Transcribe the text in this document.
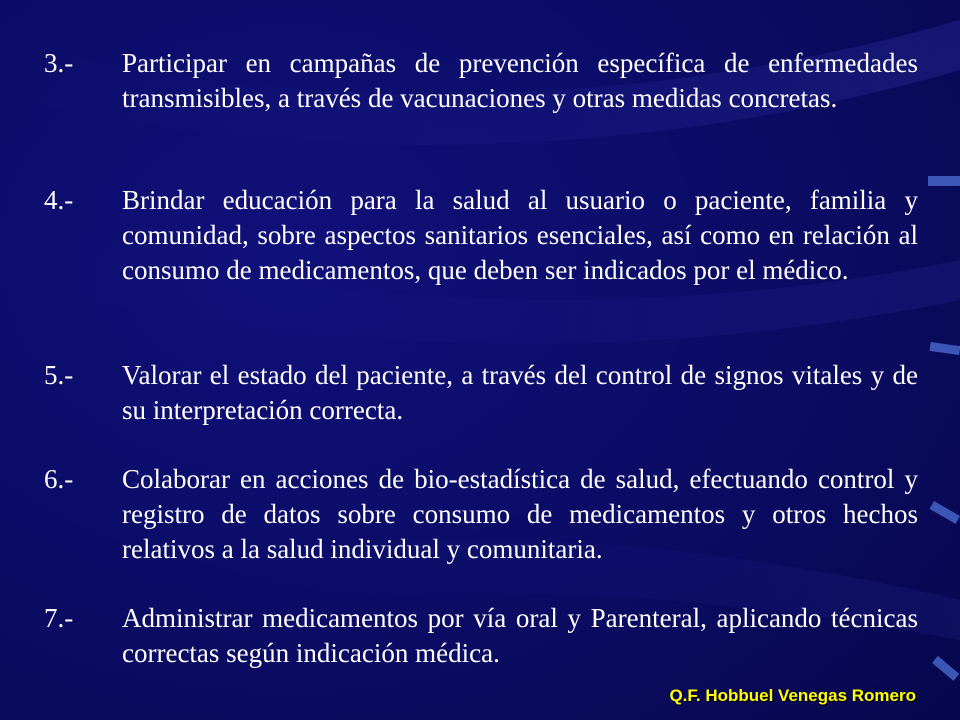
3.-	Participar en campañas de prevención específica de enfermedades transmisibles, a través de vacunaciones y otras medidas concretas.
4.-	Brindar educación para la salud al usuario o paciente, familia y comunidad, sobre aspectos sanitarios esenciales, así como en relación al consumo de medicamentos, que deben ser indicados por el médico.
5.-	Valorar el estado del paciente, a través del control de signos vitales y de su interpretación correcta.
6.-	Colaborar en acciones de bio-estadística de salud, efectuando control y registro de datos sobre consumo de medicamentos y otros hechos relativos a la salud individual y comunitaria.
7.-	Administrar medicamentos por vía oral y Parenteral, aplicando técnicas correctas según indicación médica.
Q.F. Hobbuel Venegas Romero
